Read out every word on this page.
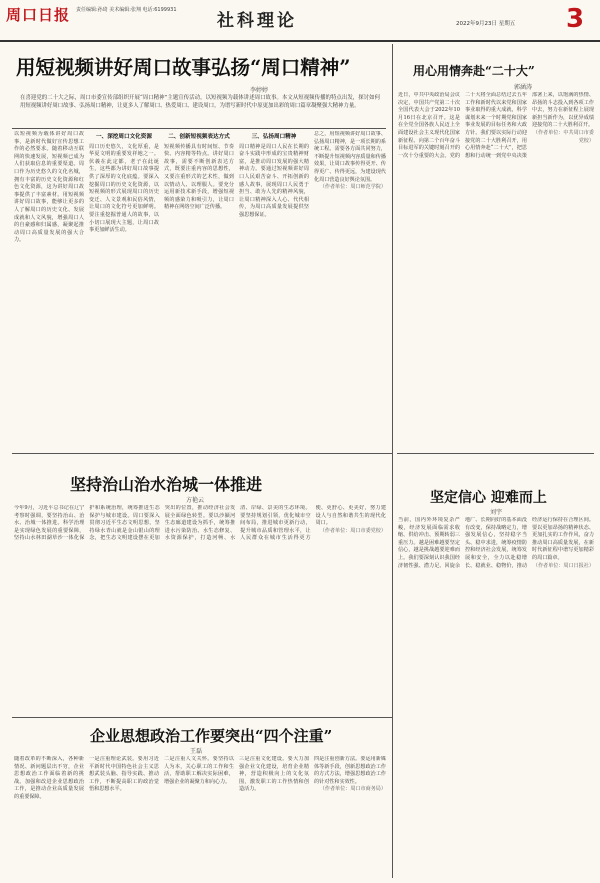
周口日报 责任编辑:孙琦 美术编辑:张翔 电话:6199931
社科理论	2022年9月23日 星期五 3
用短视频讲好周口故事弘扬“周口精神”
李婷婷
在喜迎党的二十大之际，周口市委宣传部组织开展“周口精神”主题宣传活动，以短视频为载体讲述周口故事。本文从短视频传播的特点出发，探讨如何用短视频讲好周口故事、弘扬周口精神，让更多人了解周口、热爱周口、建设周口，为谱写新时代中原更加出彩的周口篇章凝聚强大精神力量。
以短视频为载体讲好周口故事，是新时代做好宣传思想工作的必然要求。随着移动互联网的快速发展，短视频已成为人们获取信息的重要渠道。周口作为历史悠久的文化名城，拥有丰富的历史文化资源和红色文化资源，这为讲好周口故事提供了丰富素材。用短视频讲好周口故事，能够让更多的人了解周口的历史文化、发展成就和人文风貌，增强周口人的自豪感和归属感，凝聚起推动周口高质量发展的强大合力。
一、深挖周口文化资源
周口历史悠久，文化厚重，是华夏文明的重要发祥地之一。伏羲在此定都，老子在此诞生，这些都为讲好周口故事提供了深厚的文化底蕴。要深入挖掘周口的历史文化资源，以短视频的形式展现周口的历史变迁、人文景观和民俗风情，让周口的文化符号更加鲜明。要注重挖掘普通人的故事，以小切口展现大主题，让周口故事更加鲜活生动。
二、创新短视频表达方式
短视频传播具有时间短、节奏快、内容精等特点。讲好周口故事，需要不断创新表达方式，既要注重内容的思想性，又要注重形式的艺术性，做到以情动人、以理服人。要充分运用新技术新手段，增强短视频的感染力和吸引力，让周口精神在网络空间广泛传播。
三、弘扬周口精神
周口精神是周口人民在长期的奋斗实践中形成的宝贵精神财富，是推动周口发展的强大精神动力。要通过短视频讲好周口人民艰苦奋斗、开拓创新的感人故事，展现周口人民勇于担当、敢为人先的精神风貌，让周口精神深入人心、代代相传，为周口高质量发展提供坚强思想保证。
总之，用短视频讲好周口故事、弘扬周口精神，是一项长期的系统工程。需要各方面共同努力，不断提升短视频内容质量和传播效果，让周口故事传得更开、传得更广、传得更远，为建设现代化周口营造良好舆论氛围。
（作者单位：周口师范学院）
用心用情奔赴“二十大”
郭涵涛
近日，中共中央政治局会议决定，中国共产党第二十次全国代表大会于2022年10月16日在北京召开。这是在全党全国各族人民迈上全面建设社会主义现代化国家新征程、向第二个百年奋斗目标进军的关键时刻召开的一次十分重要的大会。党的二十大将全面总结过去五年工作和新时代以来党和国家事业取得的重大成就，科学谋划未来一个时期党和国家事业发展的目标任务和大政方针。我们要以实际行动迎接党的二十大胜利召开，用心用情奔赴“二十大”，把思想和行动统一到党中央决策部署上来，以饱满的热情、昂扬的斗志投入到各项工作中去，努力在新征程上展现新担当新作为，以优异成绩迎接党的二十大胜利召开。
（作者单位：中共周口市委党校）
坚持治山治水治城一体推进
方艳云
今年9月，习近平总书记在辽宁考察时强调，要坚持治山、治水、治城一体推进。科学治理是实现绿色发展的重要保障，坚持山水林田湖草沙一体化保护和系统治理，统筹推进生态保护与城市建设。周口要深入贯彻习近平生态文明思想，坚持绿水青山就是金山银山的理念，把生态文明建设摆在更加突出的位置，推动经济社会发展全面绿色转型。要以沙颍河生态廊道建设为抓手，统筹推进水污染防治、水生态修复、水资源保护，打造河畅、水清、岸绿、景美的生态环境。要坚持规划引领，优化城市空间布局，推进城市更新行动，提升城市品质和管理水平，让人民群众在城市生活得更方便、更舒心、更美好，努力建设人与自然和谐共生的现代化周口。
（作者单位：周口市委党校）
坚定信心 迎难而上
刘宇
当前，国内外环境复杂严峻，经济发展面临需求收缩、供给冲击、预期转弱三重压力。越是困难越要坚定信心，越是挑战越要迎难而上。我们要深刻认识我国经济韧性强、潜力足、回旋余地广、长期向好的基本面没有改变，保持战略定力，增强发展信心，坚持稳字当头、稳中求进，统筹疫情防控和经济社会发展，统筹发展和安全，全力以赴稳增长、稳就业、稳物价，推动经济运行保持在合理区间。要以更加昂扬的精神状态、更加扎实的工作作风，奋力推动周口高质量发展，在新时代新征程中谱写更加精彩的周口篇章。
（作者单位：周口日报社）
企业思想政治工作要突出“四个注重”
王磊
随着改革的不断深入，各种新情况、新问题层出不穷，企业思想政治工作面临着新的挑战。加强和改进企业思想政治工作，是推动企业高质量发展的重要保障。
一是注重理论武装。要用习近平新时代中国特色社会主义思想武装头脑、指导实践、推动工作，不断提高职工的政治觉悟和思想水平。
二是注重人文关怀。要坚持以人为本，关心职工的工作和生活，帮助职工解决实际困难，增强企业的凝聚力和向心力。
三是注重文化建设。要大力加强企业文化建设，培育企业精神，营造积极向上的文化氛围，激发职工的工作热情和创造活力。
四是注重创新方法。要运用新媒体等新手段，创新思想政治工作的方式方法，增强思想政治工作的针对性和实效性。
（作者单位：周口市商务局）
